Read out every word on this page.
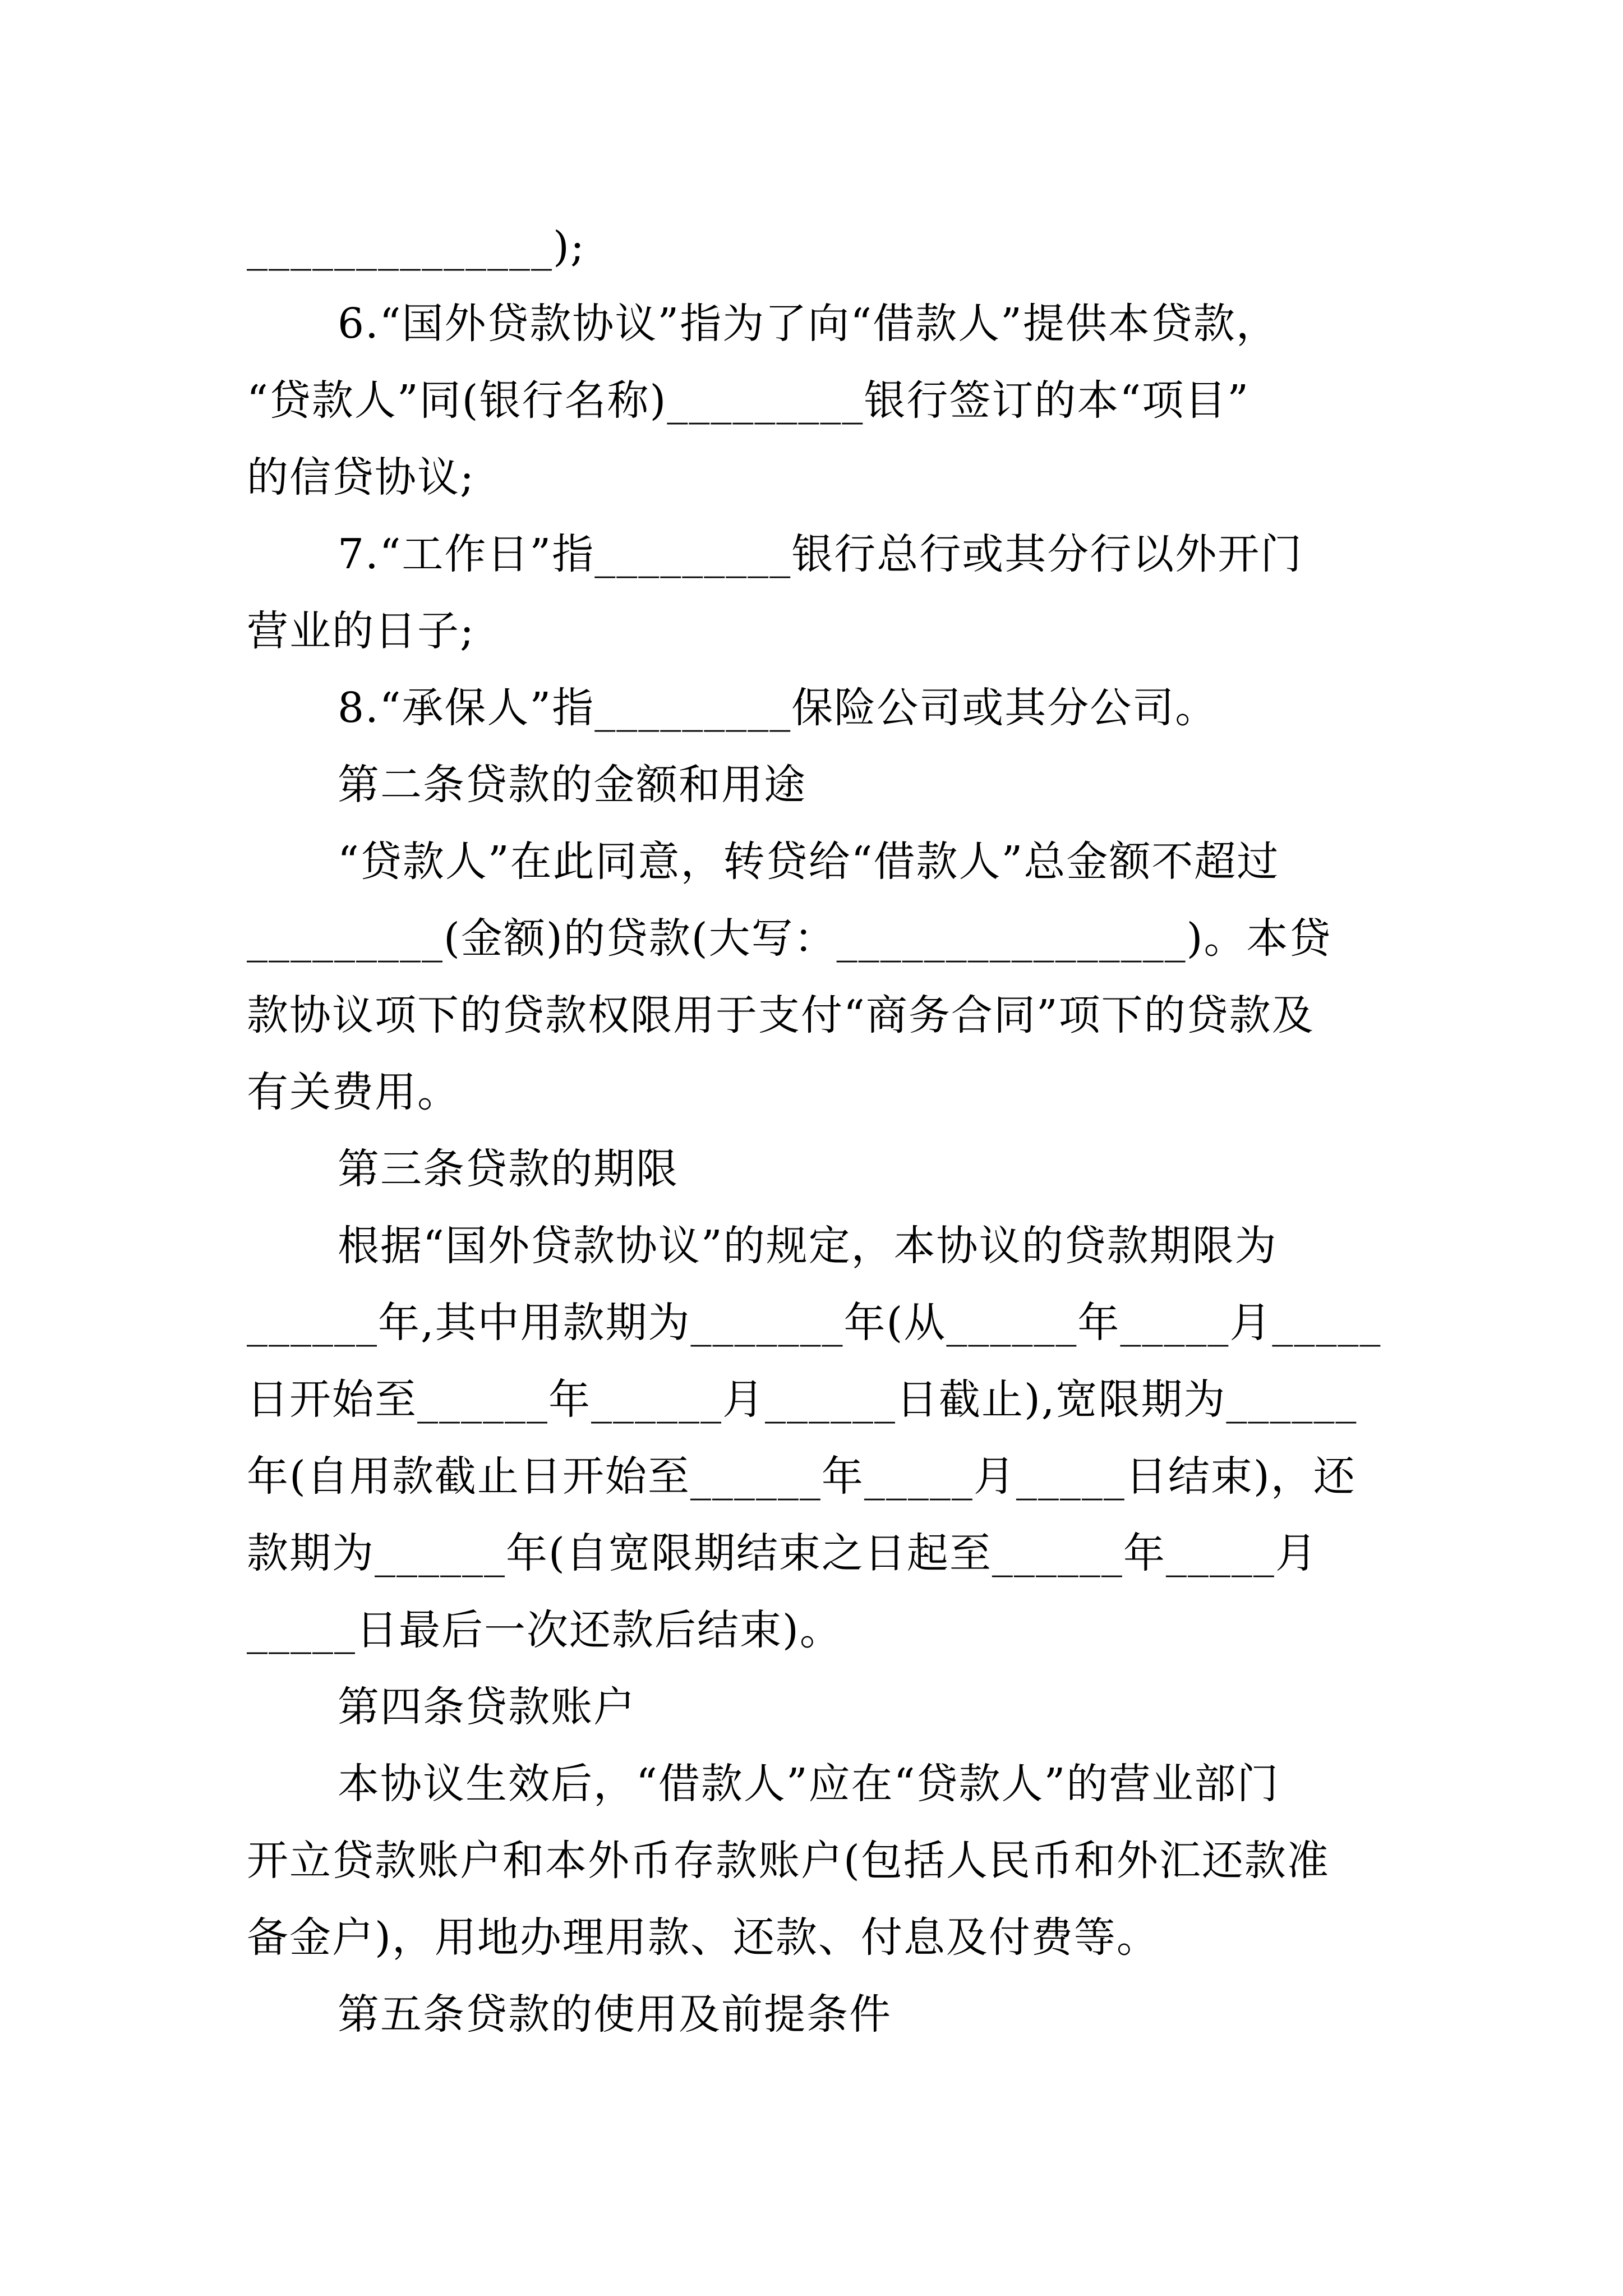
______________);
6.“国外贷款协议”指为了向“借款人”提供本贷款，
“贷款人”同(银行名称)_________银行签订的本“项目”
的信贷协议;
7.“工作日”指_________银行总行或其分行以外开门
营业的日子;
8.“承保人”指_________保险公司或其分公司。
第二条贷款的金额和用途
“贷款人”在此同意，转贷给“借款人”总金额不超过
_________(金额)的贷款(大写：________________)。本贷
款协议项下的贷款权限用于支付“商务合同”项下的贷款及
有关费用。
第三条贷款的期限
根据“国外贷款协议”的规定，本协议的贷款期限为
______年,其中用款期为_______年(从______年_____月_____
日开始至______年______月______日截止),宽限期为______
年(自用款截止日开始至______年_____月_____日结束)，还
款期为______年(自宽限期结束之日起至______年_____月
_____日最后一次还款后结束)。
第四条贷款账户
本协议生效后，“借款人”应在“贷款人”的营业部门
开立贷款账户和本外币存款账户(包括人民币和外汇还款准
备金户)，用地办理用款、还款、付息及付费等。
第五条贷款的使用及前提条件
